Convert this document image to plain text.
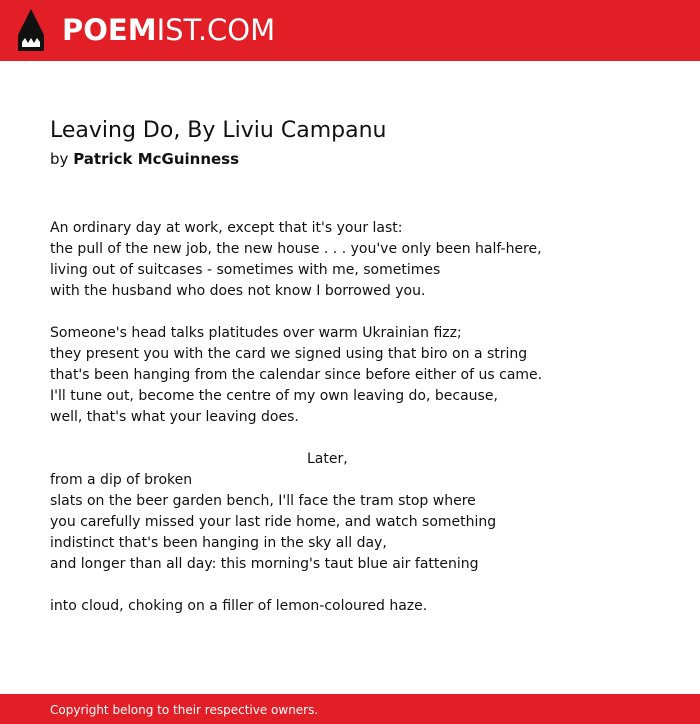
POEMIST.COM
Leaving Do, By Liviu Campanu
by Patrick McGuinness
An ordinary day at work, except that it's your last:
the pull of the new job, the new house . . . you've only been half-here,
living out of suitcases - sometimes with me, sometimes
with the husband who does not know I borrowed you.
Someone's head talks platitudes over warm Ukrainian fizz;
they present you with the card we signed using that biro on a string
that's been hanging from the calendar since before either of us came.
I'll tune out, become the centre of my own leaving do, because,
well, that's what your leaving does.
Later,
from a dip of broken
slats on the beer garden bench, I'll face the tram stop where
you carefully missed your last ride home, and watch something
indistinct that's been hanging in the sky all day,
and longer than all day: this morning's taut blue air fattening
into cloud, choking on a filler of lemon-coloured haze.
Copyright belong to their respective owners.
